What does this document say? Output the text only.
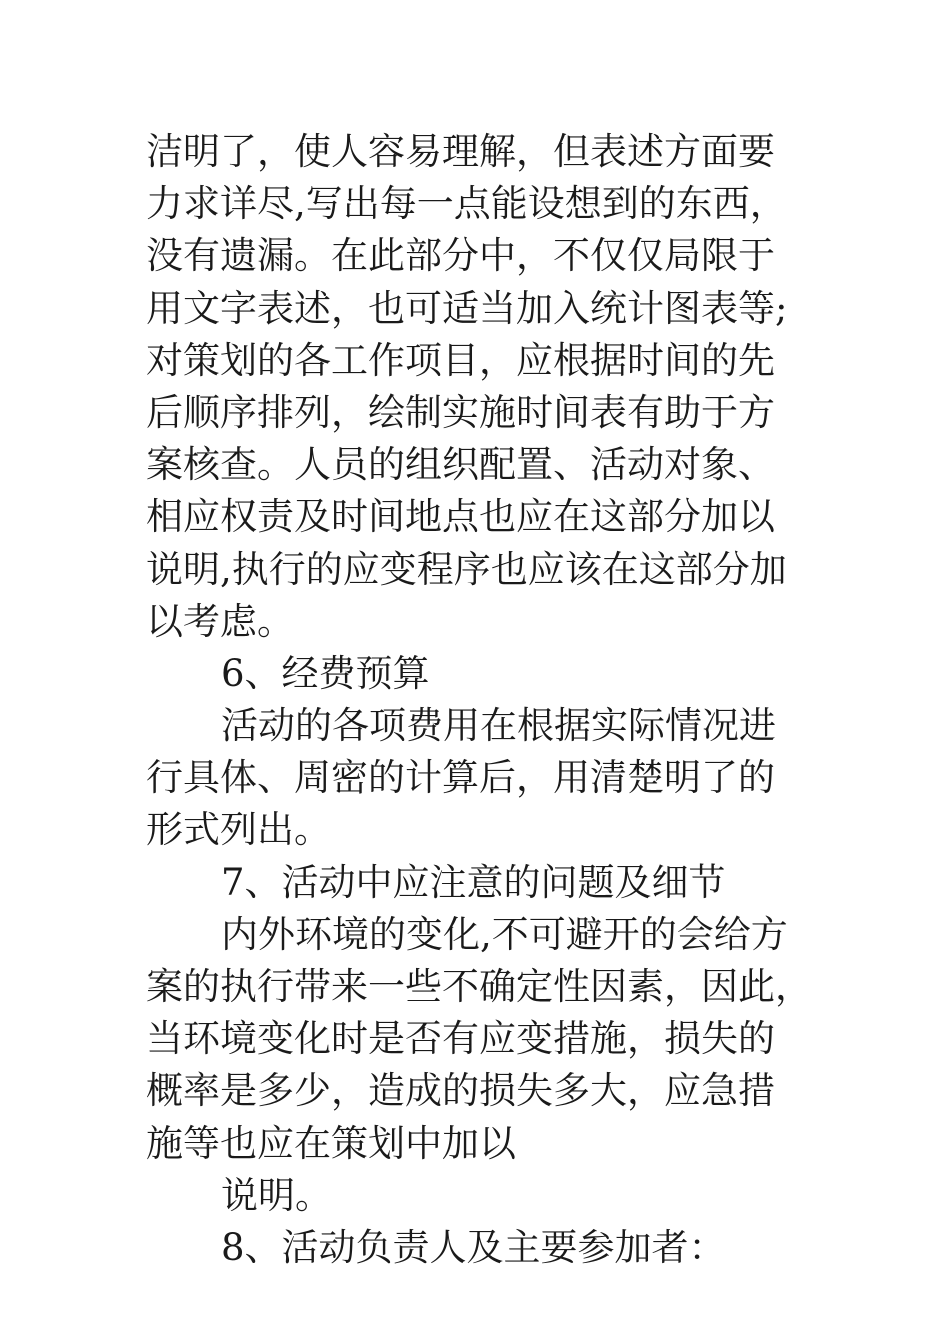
洁明了，使人容易理解，但表述方面要
力求详尽,写出每一点能设想到的东西，
没有遗漏。在此部分中，不仅仅局限于
用文字表述，也可适当加入统计图表等;
对策划的各工作项目，应根据时间的先
后顺序排列，绘制实施时间表有助于方
案核查。人员的组织配置、活动对象、
相应权责及时间地点也应在这部分加以
说明,执行的应变程序也应该在这部分加
以考虑。
6、经费预算
活动的各项费用在根据实际情况进
行具体、周密的计算后，用清楚明了的
形式列出。
7、活动中应注意的问题及细节
内外环境的变化,不可避开的会给方
案的执行带来一些不确定性因素，因此，
当环境变化时是否有应变措施，损失的
概率是多少，造成的损失多大，应急措
施等也应在策划中加以
说明。
8、活动负责人及主要参加者：
